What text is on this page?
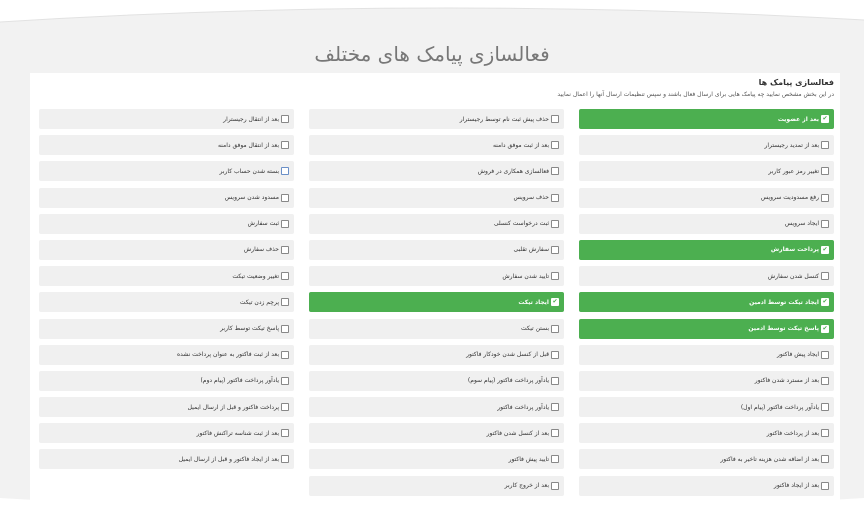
فعالسازی پیامک های مختلف
فعالسازی پیامک ها
در این بخش مشخص نمایید چه پیامک هایی برای ارسال فعال باشند و سپس تنظیمات ارسال آنها را اعمال نمایید
✔
بعد از عضویت
بعد از تمدید رجیسترار
تغییر رمز عبور کاربر
رفع مسدودیت سرویس
ایجاد سرویس
✔
پرداخت سفارش
کنسل شدن سفارش
✔
ایجاد تیکت توسط ادمین
✔
پاسخ تیکت توسط ادمین
ایجاد پیش فاکتور
بعد از مسترد شدن فاکتور
یادآور پرداخت فاکتور (پیام اول)
بعد از پرداخت فاکتور
بعد از اضافه شدن هزینه تاخیر به فاکتور
بعد از ایجاد فاکتور
حذف پیش ثبت نام توسط رجیسترار
بعد از ثبت موفق دامنه
فعالسازی همکاری در فروش
حذف سرویس
ثبت درخواست کنسلی
سفارش تقلبی
تایید شدن سفارش
✔
ایجاد تیکت
بستن تیکت
قبل از کنسل شدن خودکار فاکتور
یادآور پرداخت فاکتور (پیام سوم)
یادآور پرداخت فاکتور
بعد از کنسل شدن فاکتور
تایید پیش فاکتور
بعد از خروج کاربر
بعد از انتقال رجیسترار
بعد از انتقال موفق دامنه
بسته شدن حساب کاربر
مسدود شدن سرویس
ثبت سفارش
حذف سفارش
تغییر وضعیت تیکت
پرچم زدن تیکت
پاسخ تیکت توسط کاربر
بعد از ثبت فاکتور به عنوان پرداخت نشده
یادآور پرداخت فاکتور (پیام دوم)
پرداخت فاکتور و قبل از ارسال ایمیل
بعد از ثبت شناسه تراکنش فاکتور
بعد از ایجاد فاکتور و قبل از ارسال ایمیل
